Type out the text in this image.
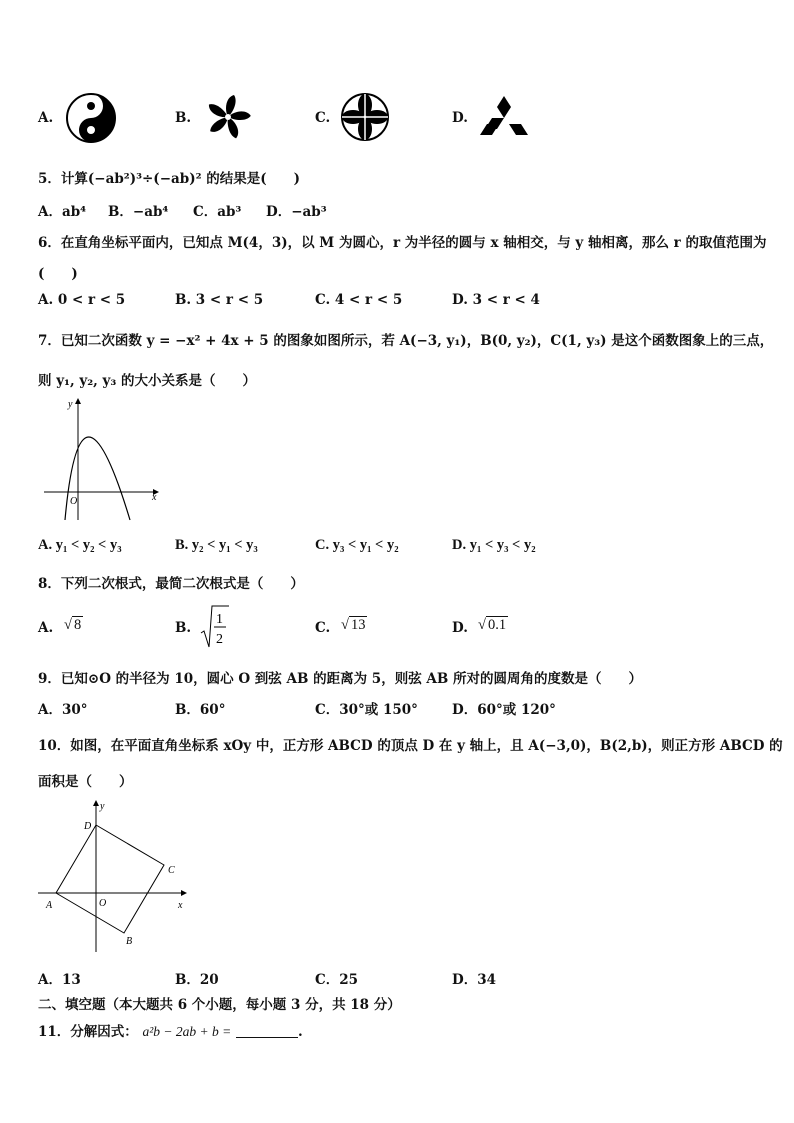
A.	B.	C.	D.
5．计算(−ab²)³÷(−ab)² 的结果是(　　)
A．ab⁴ B．−ab⁴ C．ab³ D．−ab³
6．在直角坐标平面内，已知点 M(4，3)，以 M 为圆心，r 为半径的圆与 x 轴相交，与 y 轴相离，那么 r 的取值范围为
(　　)
A. 0 < r < 5	B. 3 < r < 5	C. 4 < r < 5	D. 3 < r < 4
7．已知二次函数 y = −x² + 4x + 5 的图象如图所示，若 A(−3, y₁)，B(0, y₂)，C(1, y₃) 是这个函数图象上的三点，
则 y₁, y₂, y₃ 的大小关系是（　　）
x
y
O
A. y₁ < y₂ < y₃	B. y₂ < y₁ < y₃	C. y₃ < y₁ < y₂	D. y₁ < y₃ < y₂
8．下列二次根式，最简二次根式是（　　）
A. √ 8	B.
1
2
C. √ 13	D. √ 0.1
9．已知⊙O 的半径为 10，圆心 O 到弦 AB 的距离为 5，则弦 AB 所对的圆周角的度数是（　　）
A．30°	B．60°	C．30°或 150°	D．60°或 120°
10．如图，在平面直角坐标系 xOy 中，正方形 ABCD 的顶点 D 在 y 轴上，且 A(−3,0)，B(2,b)，则正方形 ABCD 的
面积是（　　）
A
B
C
D
O	x
y
A．13	B．20	C．25	D．34
二、填空题（本大题共 6 个小题，每小题 3 分，共 18 分）
11．分解因式： a²b − 2ab + b =	.
